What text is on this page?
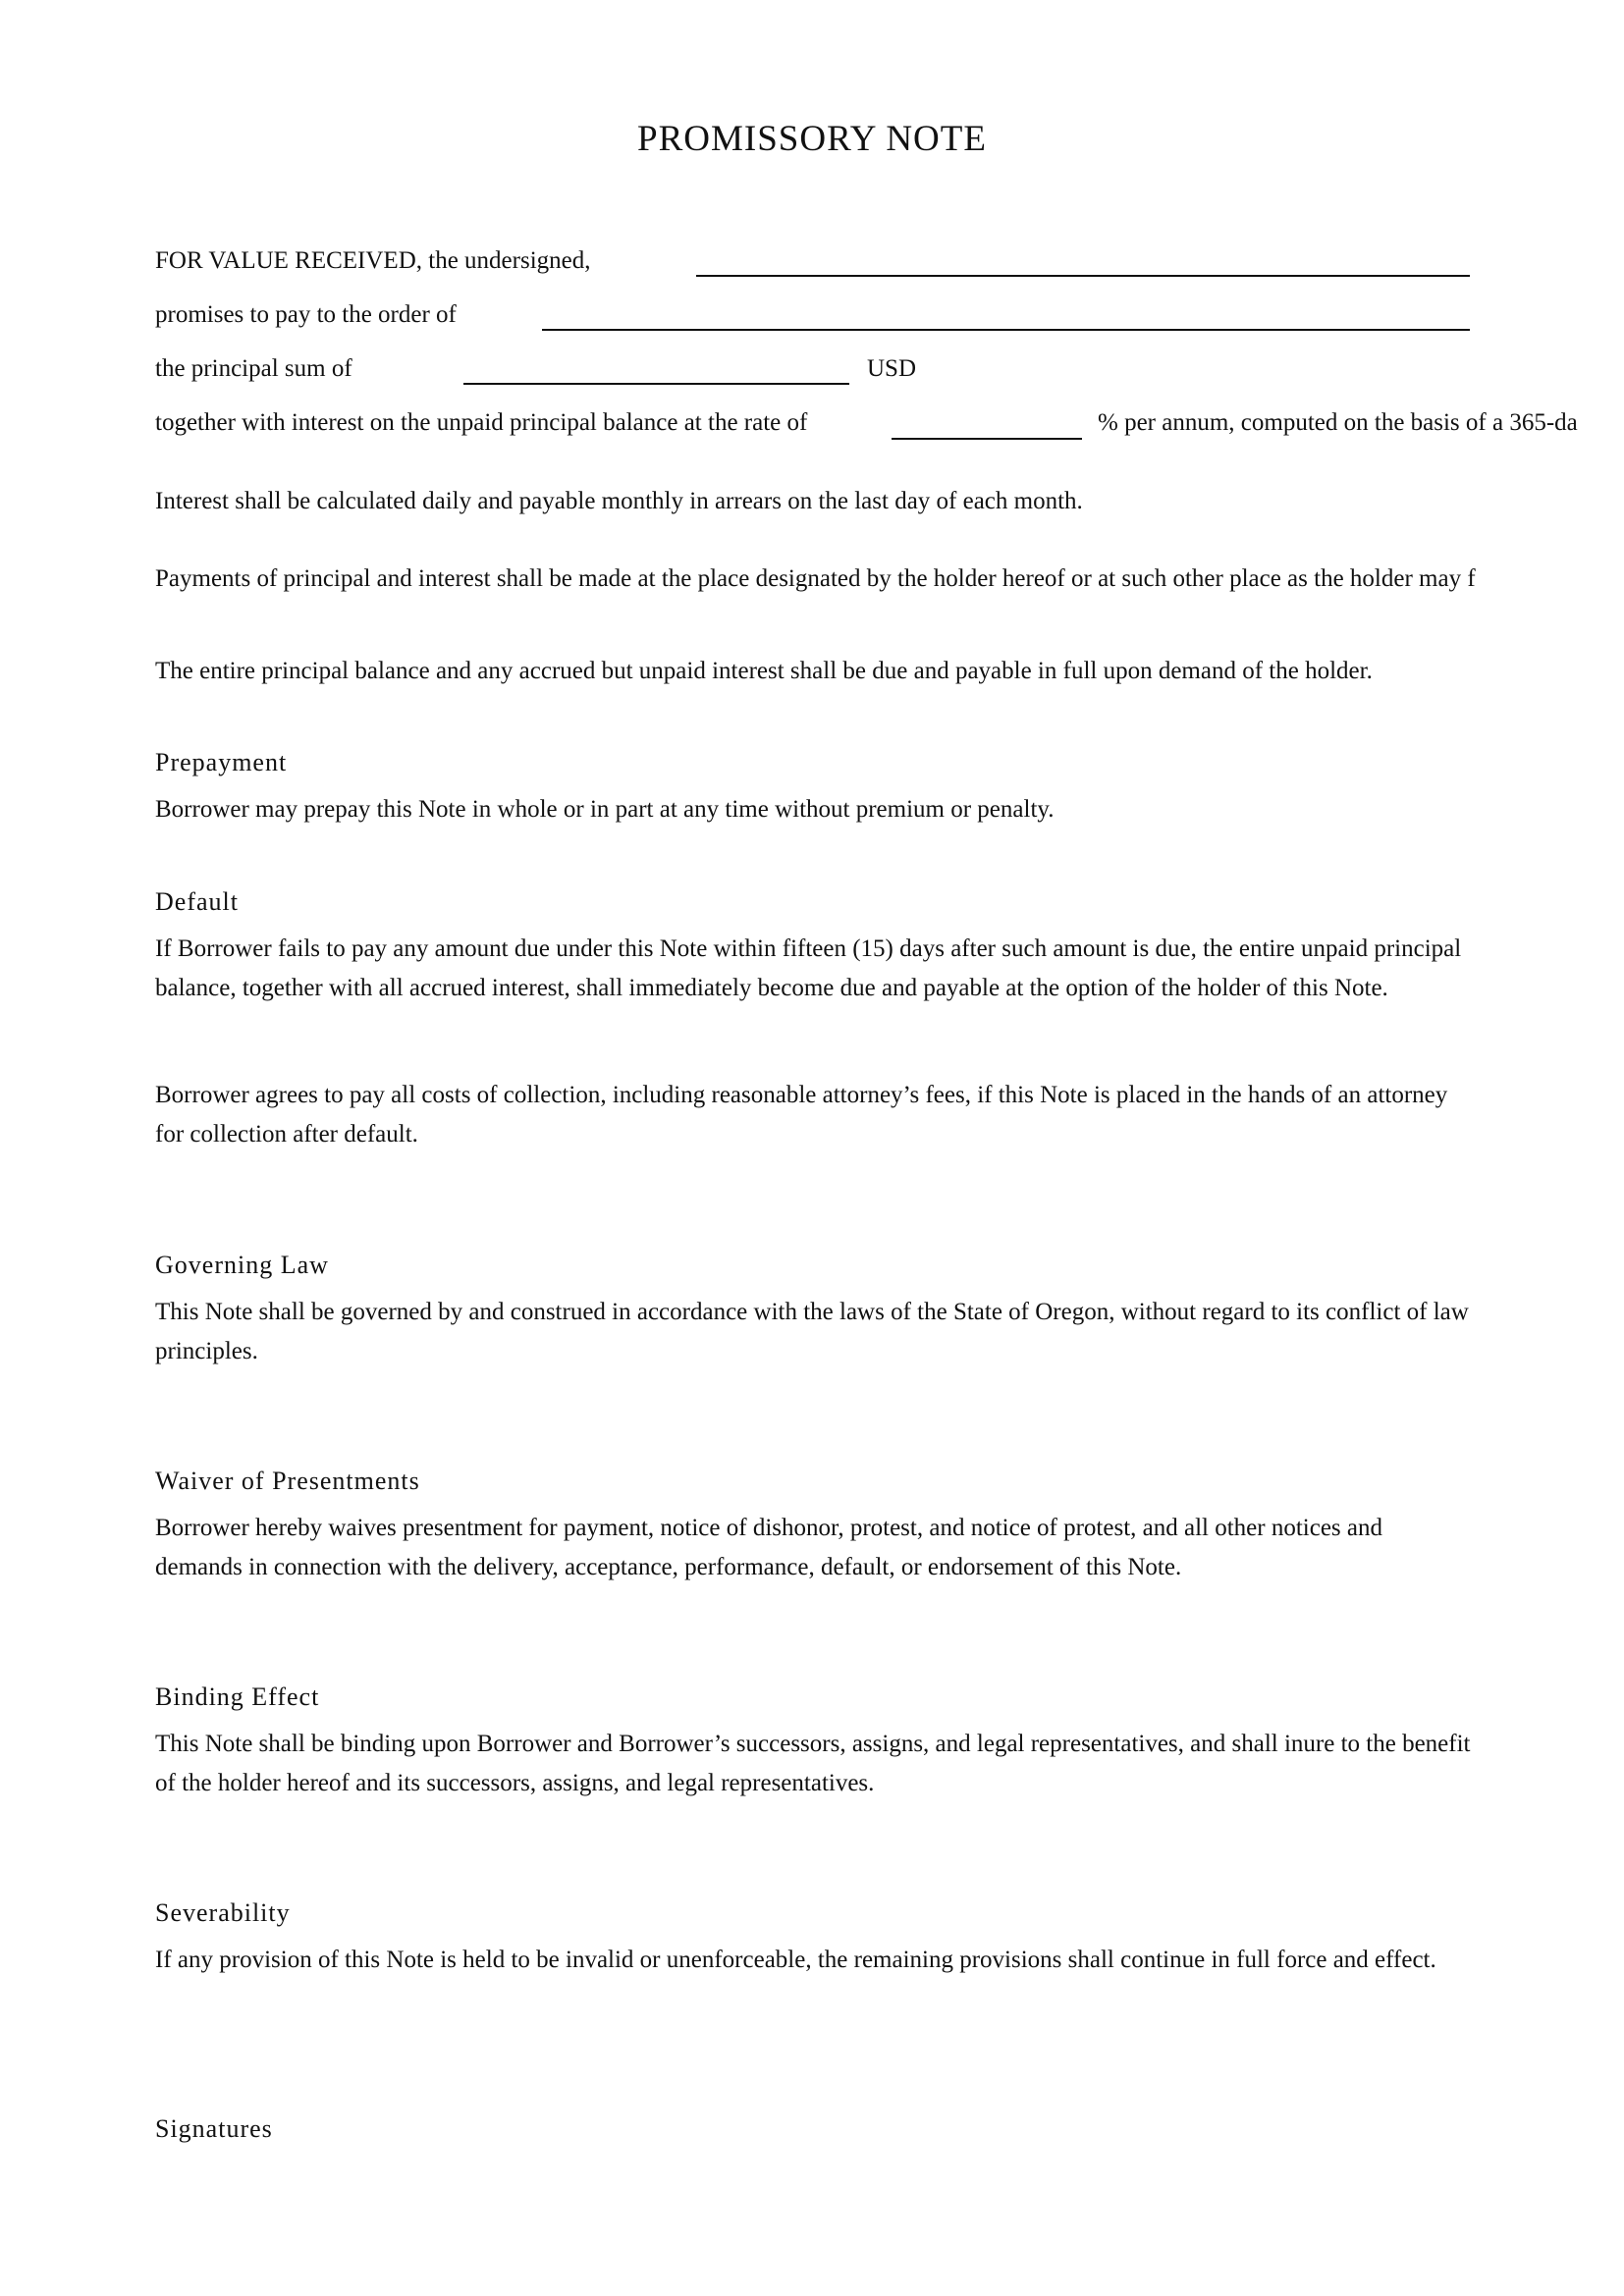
PROMISSORY NOTE
FOR VALUE RECEIVED, the undersigned,
promises to pay to the order of
the principal sum of	USD
together with interest on the unpaid principal balance at the rate of	% per annum, computed on the basis of a 365-da

Interest shall be calculated daily and payable monthly in arrears on the last day of each month.

Payments of principal and interest shall be made at the place designated by the holder hereof or at such other place as the holder may f

The entire principal balance and any accrued but unpaid interest shall be due and payable in full upon demand of the holder.

Prepayment

Borrower may prepay this Note in whole or in part at any time without premium or penalty.

Default

If Borrower fails to pay any amount due under this Note within fifteen (15) days after such amount is due, the entire unpaid principal balance, together with all accrued interest, shall immediately become due and payable at the option of the holder of this Note.

Borrower agrees to pay all costs of collection, including reasonable attorney’s fees, if this Note is placed in the hands of an attorney for collection after default.

Governing Law

This Note shall be governed by and construed in accordance with the laws of the State of Oregon, without regard to its conflict of law principles.

Waiver of Presentments

Borrower hereby waives presentment for payment, notice of dishonor, protest, and notice of protest, and all other notices and demands in connection with the delivery, acceptance, performance, default, or endorsement of this Note.

Binding Effect

This Note shall be binding upon Borrower and Borrower’s successors, assigns, and legal representatives, and shall inure to the benefit of the holder hereof and its successors, assigns, and legal representatives.

Severability

If any provision of this Note is held to be invalid or unenforceable, the remaining provisions shall continue in full force and effect.

Signatures
